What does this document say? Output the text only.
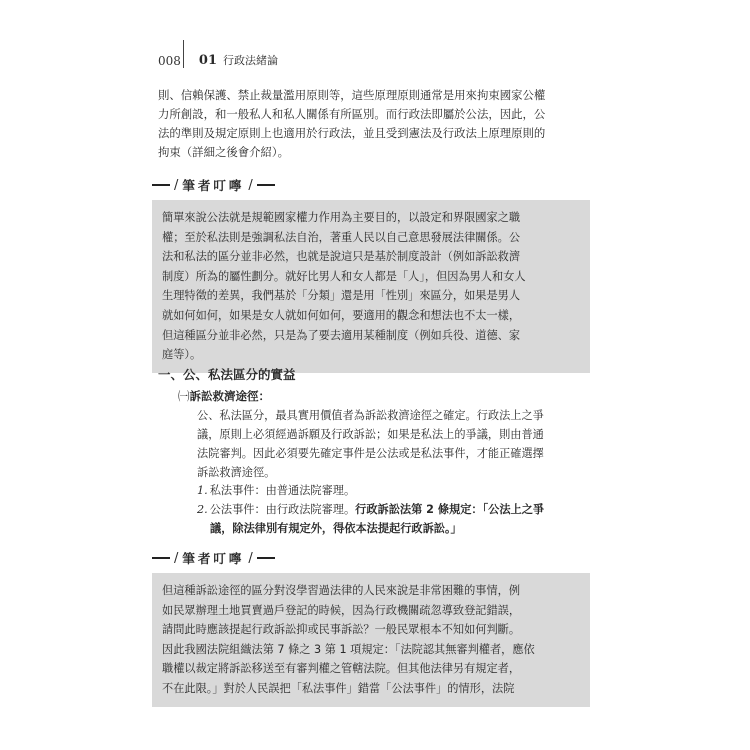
008 01 行政法緒論
則、信賴保護、禁止裁量濫用原則等，這些原理原則通常是用來拘束國家公權
力所創設，和一般私人和私人關係有所區別。而行政法即屬於公法，因此，公
法的準則及規定原則上也適用於行政法，並且受到憲法及行政法上原理原則的
拘束（詳細之後會介紹）。
/ 筆者叮嚀 /
簡單來說公法就是規範國家權力作用為主要目的，以設定和界限國家之職
權；至於私法則是強調私法自治，著重人民以自己意思發展法律關係。公
法和私法的區分並非必然，也就是說這只是基於制度設計（例如訴訟救濟
制度）所為的屬性劃分。就好比男人和女人都是「人」，但因為男人和女人
生理特徵的差異，我們基於「分類」還是用「性別」來區分，如果是男人
就如何如何，如果是女人就如何如何，要適用的觀念和想法也不太一樣，
但這種區分並非必然，只是為了要去適用某種制度（例如兵役、道德、家
庭等）。
一、公、私法區分的實益
㈠訴訟救濟途徑：
公、私法區分，最具實用價值者為訴訟救濟途徑之確定。行政法上之爭
議，原則上必須經過訴願及行政訴訟；如果是私法上的爭議，則由普通
法院審判。因此必須要先確定事件是公法或是私法事件，才能正確選擇
訴訟救濟途徑。
1. 私法事件：由普通法院審理。
2. 公法事件：由行政法院審理。行政訴訟法第 2 條規定：「公法上之爭
議，除法律別有規定外，得依本法提起行政訴訟。」
/ 筆者叮嚀 /
但這種訴訟途徑的區分對沒學習過法律的人民來說是非常困難的事情，例
如民眾辦理土地買賣過戶登記的時候，因為行政機關疏忽導致登記錯誤，
請問此時應該提起行政訴訟抑或民事訴訟？一般民眾根本不知如何判斷。
因此我國法院組織法第 7 條之 3 第 1 項規定：「法院認其無審判權者，應依
職權以裁定將訴訟移送至有審判權之管轄法院。但其他法律另有規定者，
不在此限。」對於人民誤把「私法事件」錯當「公法事件」的情形，法院
